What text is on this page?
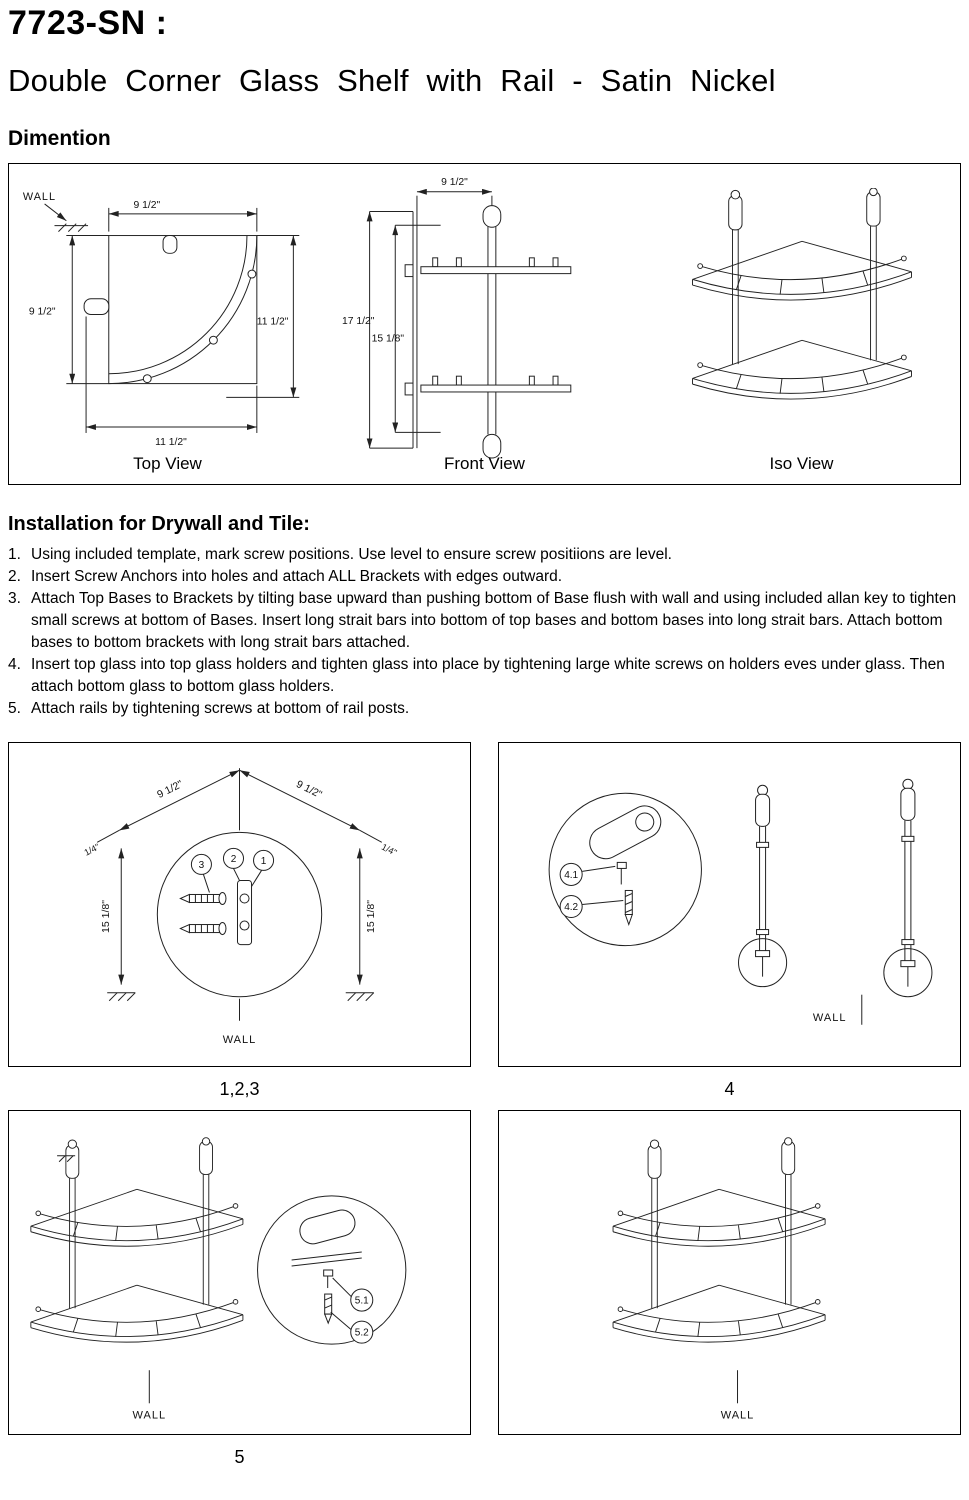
7723-SN :
Double Corner Glass Shelf with Rail - Satin Nickel
Dimention
WALL
9 1/2"
9 1/2"
11 1/2"
11 1/2"
Top View
9 1/2"
17 1/2"
15 1/8"
Front View	Iso View
Installation for Drywall and Tile:
1. Using included template, mark screw positions. Use level to ensure screw positiions are level.
2. Insert Screw Anchors into holes and attach ALL Brackets with edges outward.
3. Attach Top Bases to Brackets by tilting base upward than pushing bottom of Base flush with wall and using included allan key to tighten small screws at bottom of Bases. Insert long strait bars into bottom of top bases and bottom bases into long strait bars. Attach bottom bases to bottom brackets with long strait bars attached.
4. Insert top glass into top glass holders and tighten glass into place by tightening large white screws on holders eves under glass. Then attach bottom glass to bottom glass holders.
5. Attach rails by tightening screws at bottom of rail posts.
9 1/2"	9 1/2"
1/4"	1/4"
15 1/8"	15 1/8"
3
2 1
WALL
4.1
4.2
WALL
1,2,3	4
5.1
5.2
WALL	WALL
5
